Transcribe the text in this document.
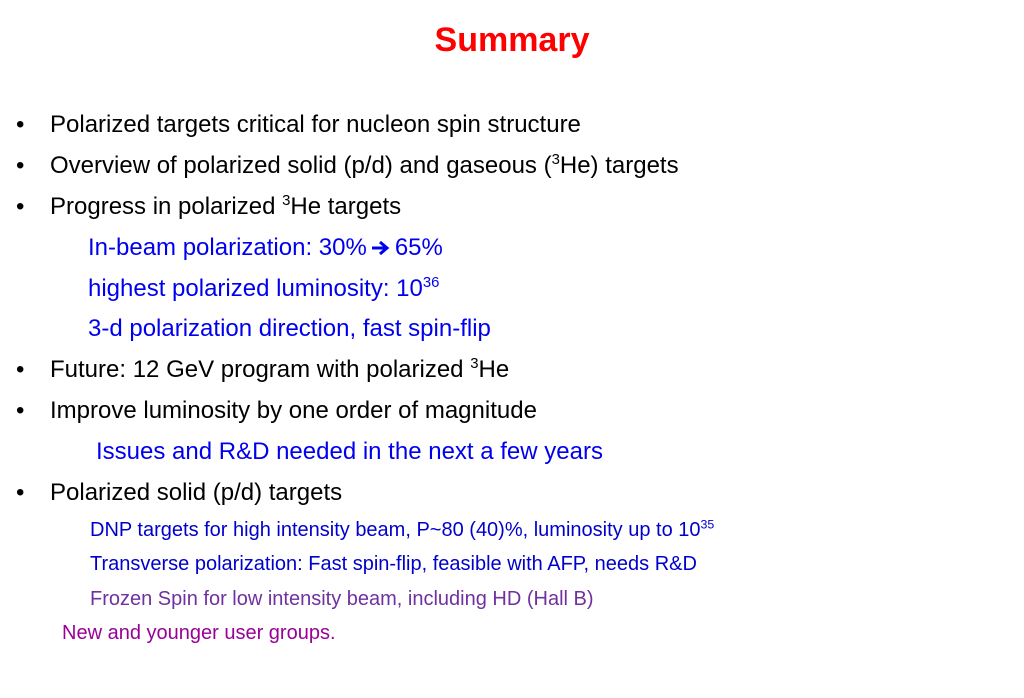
Summary
• Polarized targets critical for nucleon spin structure
• Overview of polarized solid (p/d) and gaseous ($^3$He) targets
• Progress in polarized $^3$He targets
In-beam polarization: 30% 65%
highest polarized luminosity: $10^{36}$
3-d polarization direction, fast spin-flip
• Future: 12 GeV program with polarized $^3$He
• Improve luminosity by one order of magnitude
Issues and R&D needed in the next a few years
• Polarized solid (p/d) targets
DNP targets for high intensity beam, P~80 (40)%, luminosity up to $10^{35}$
Transverse polarization: Fast spin-flip, feasible with AFP, needs R&D
Frozen Spin for low intensity beam, including HD (Hall B)
New and younger user groups.
